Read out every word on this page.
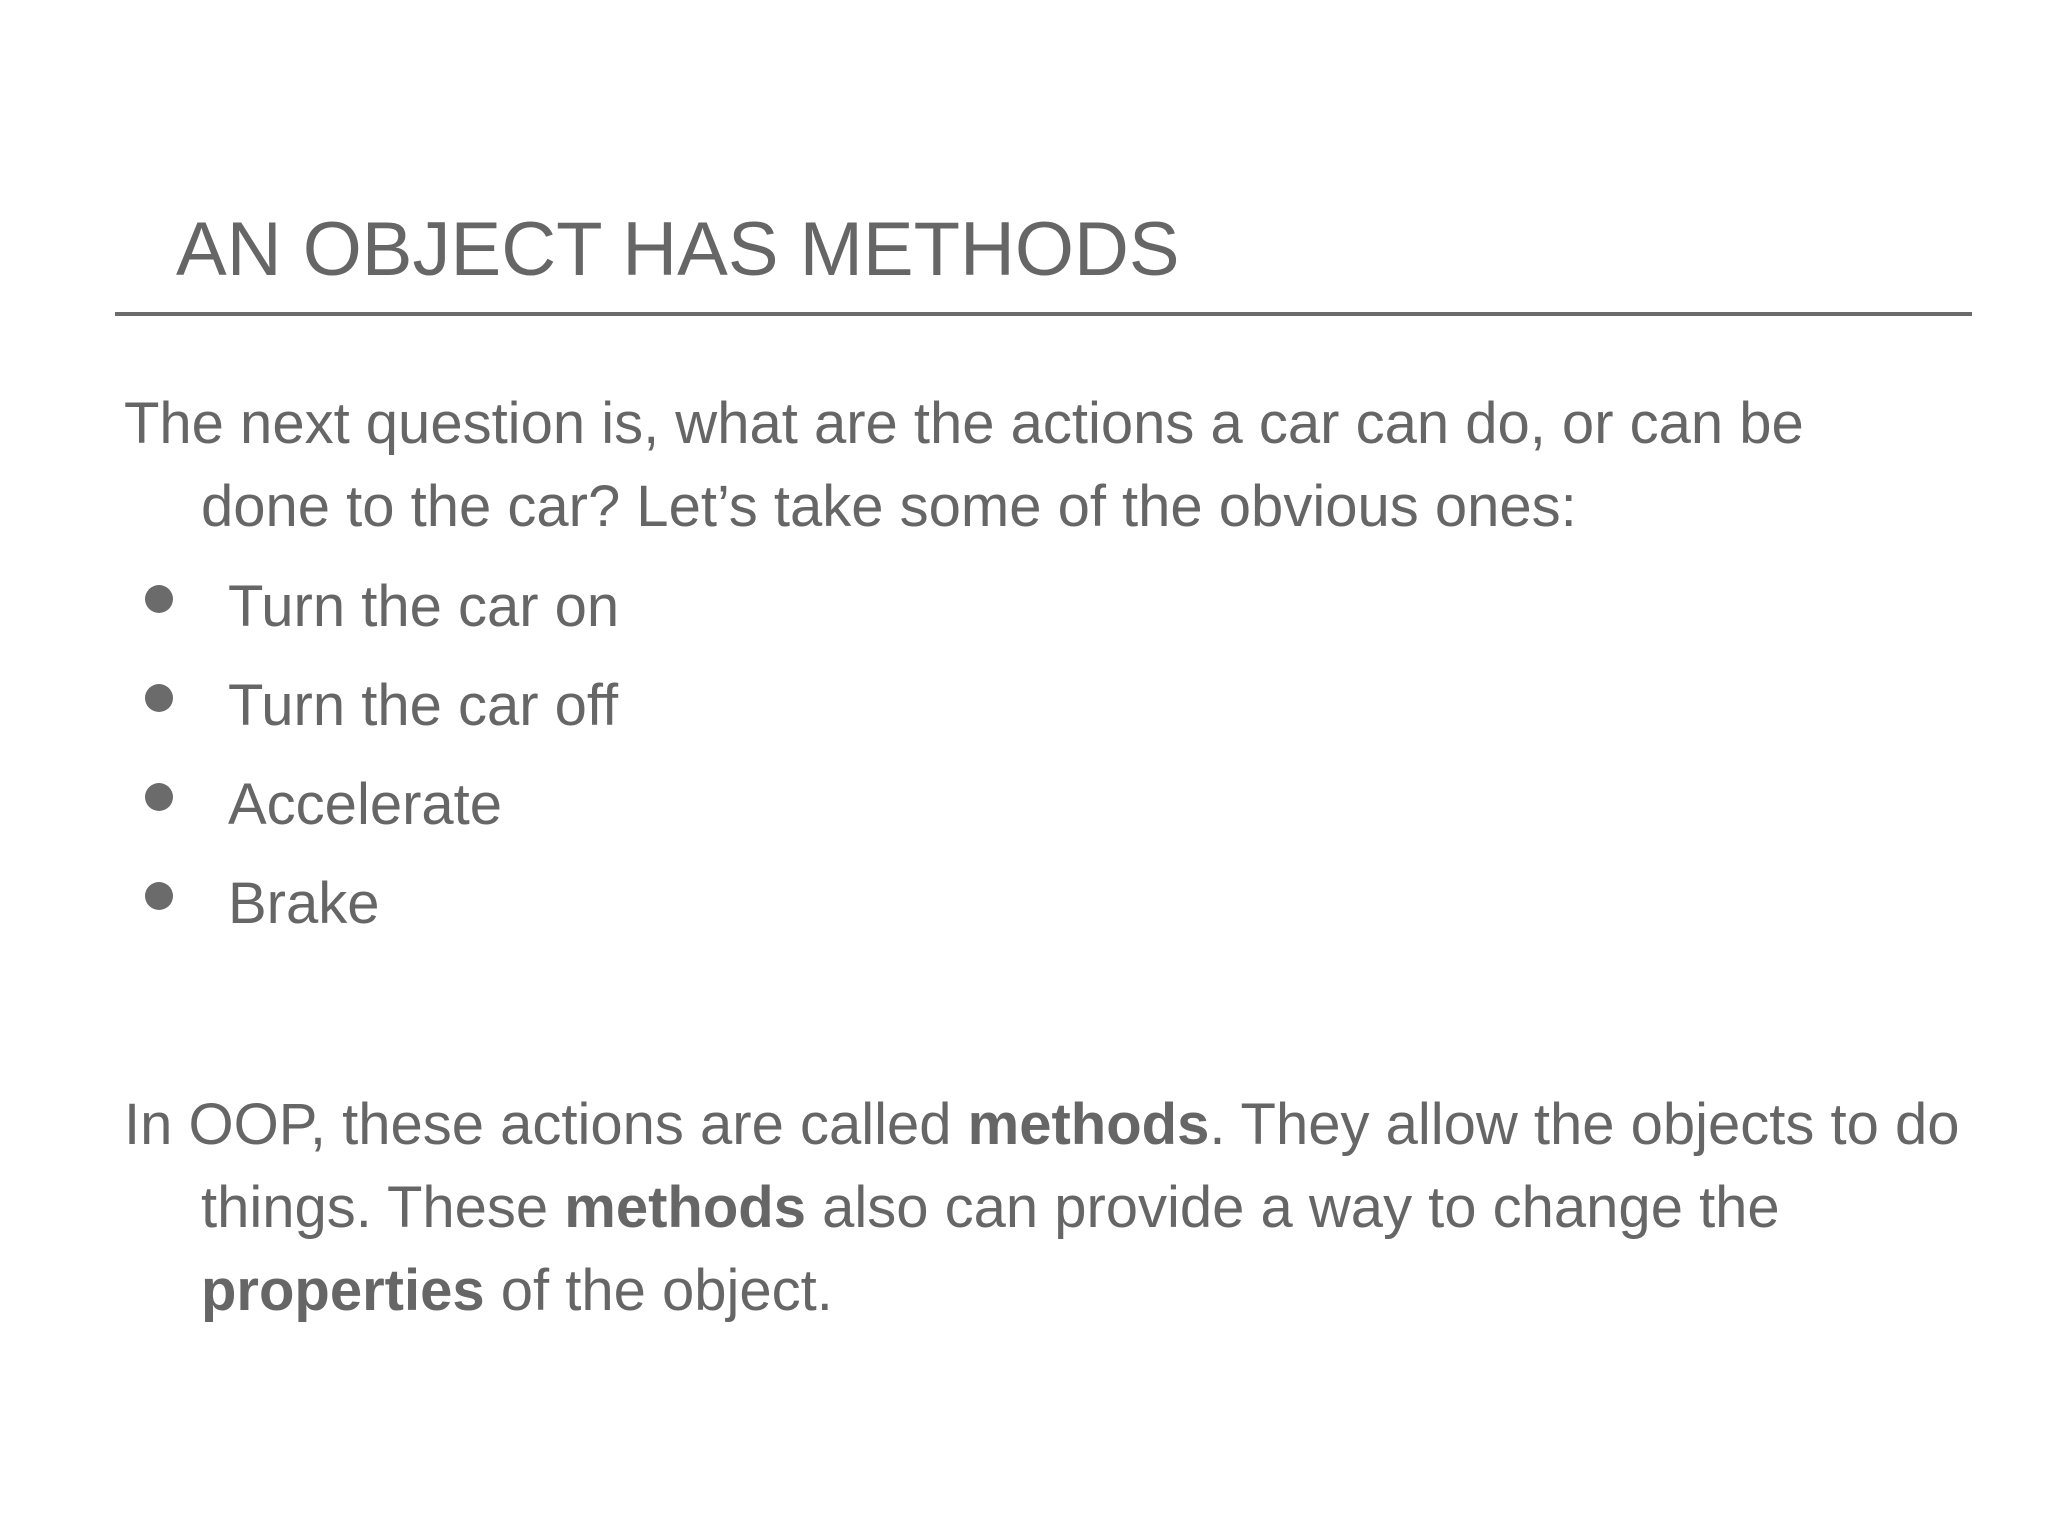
AN OBJECT HAS METHODS
The next question is, what are the actions a car can do, or can be
done to the car? Let’s take some of the obvious ones:
Turn the car on
Turn the car off
Accelerate
Brake
In OOP, these actions are called methods. They allow the objects to do things. These methods also can provide a way to change the properties of the object.
